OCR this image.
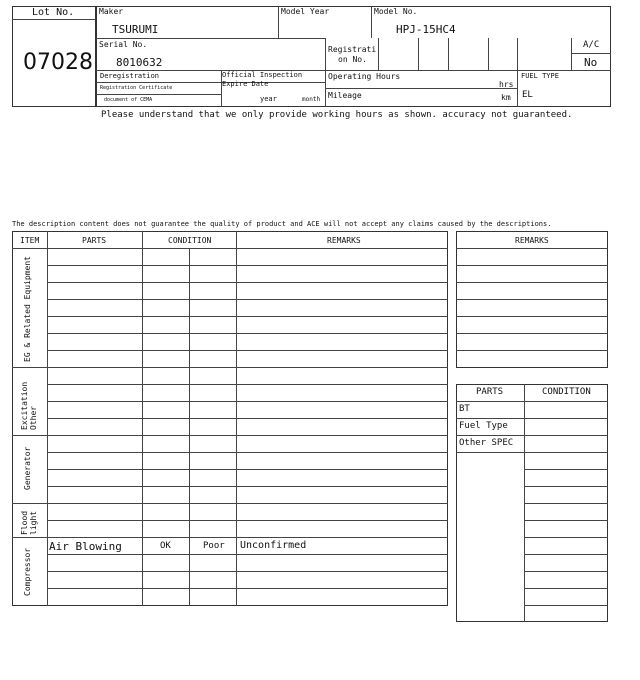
Lot No.
07028
Maker
TSURUMI
Model Year	Model No.
HPJ-15HC4
Serial No.
8010632
Registrati
on No.
A/C
No
Deregistration
Registration Certificate
document of CEMA
Official Inspection
Expire Date
year	month
Operating Hours
hrs
Mileage	km
FUEL TYPE
EL
Please understand that we only provide working hours as shown. accuracy not guaranteed.
The description content does not guarantee the quality of product and ACE will not accept any claims caused by the descriptions.
ITEM	PARTS	CONDITION	REMARKS
EG & Related Equipment
Excitation Other
Generator
Floodlight
Compressor
Air Blowing	OK	Poor Unconfirmed
REMARKS
PARTS	CONDITION
BT
Fuel Type
Other SPEC
